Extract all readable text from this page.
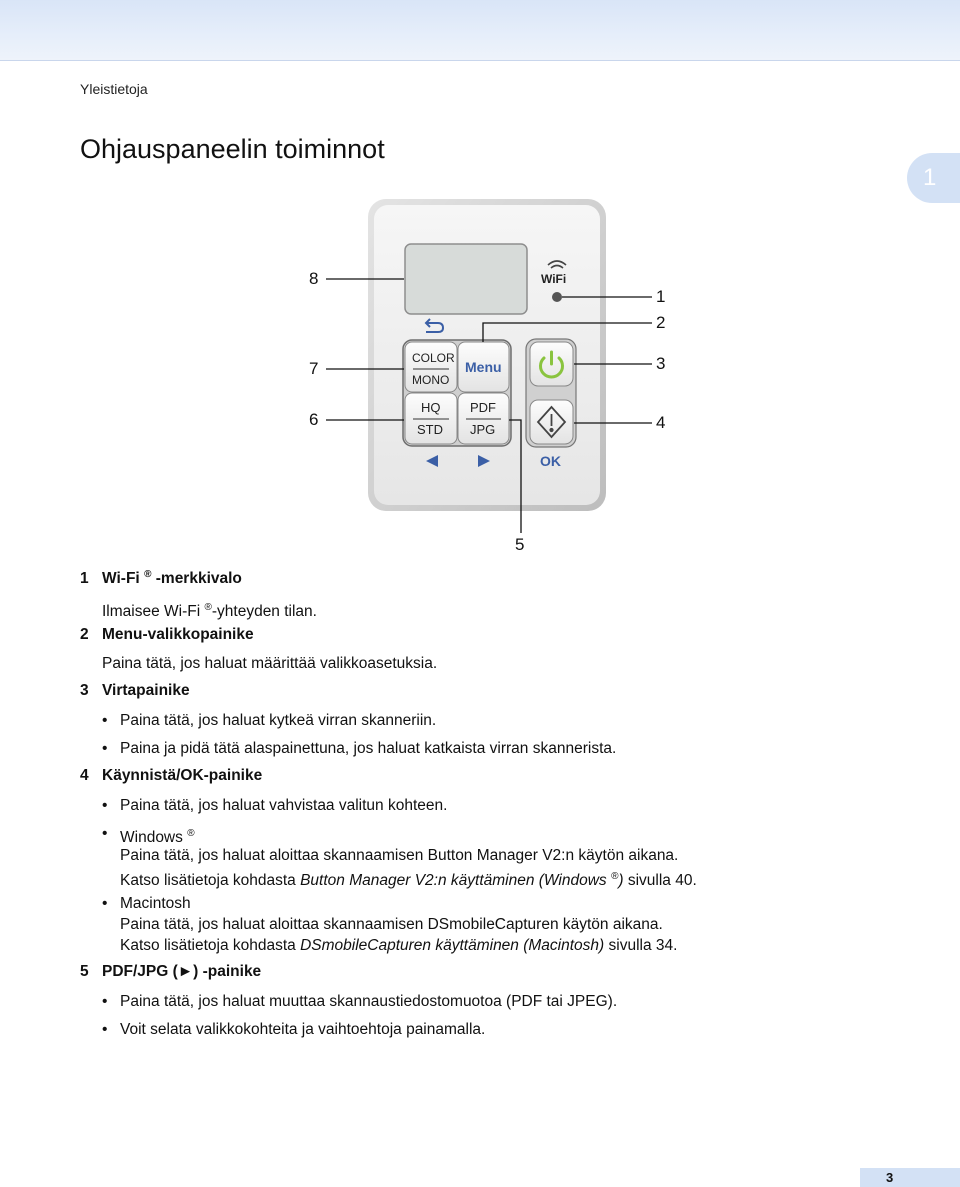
Yleistietoja
Ohjauspaneelin toiminnot
1
WiFi
COLOR
MONO
Menu
HQ
STD
PDF
JPG
OK
8
1
2
7	3
6	4
5
1 Wi-Fi ® -merkkivalo
Ilmaisee Wi-Fi ®-yhteyden tilan.
2 Menu-valikkopainike
Paina tätä, jos haluat määrittää valikkoasetuksia.
3 Virtapainike
• Paina tätä, jos haluat kytkeä virran skanneriin.
• Paina ja pidä tätä alaspainettuna, jos haluat katkaista virran skannerista.
4 Käynnistä/OK-painike
• Paina tätä, jos haluat vahvistaa valitun kohteen.
• Windows ®
Paina tätä, jos haluat aloittaa skannaamisen Button Manager V2:n käytön aikana.
Katso lisätietoja kohdasta Button Manager V2:n käyttäminen (Windows ®) sivulla 40.
• Macintosh
Paina tätä, jos haluat aloittaa skannaamisen DSmobileCapturen käytön aikana.
Katso lisätietoja kohdasta DSmobileCapturen käyttäminen (Macintosh) sivulla 34.
5 PDF/JPG (►) -painike
• Paina tätä, jos haluat muuttaa skannaustiedostomuotoa (PDF tai JPEG).
• Voit selata valikkokohteita ja vaihtoehtoja painamalla.
3
